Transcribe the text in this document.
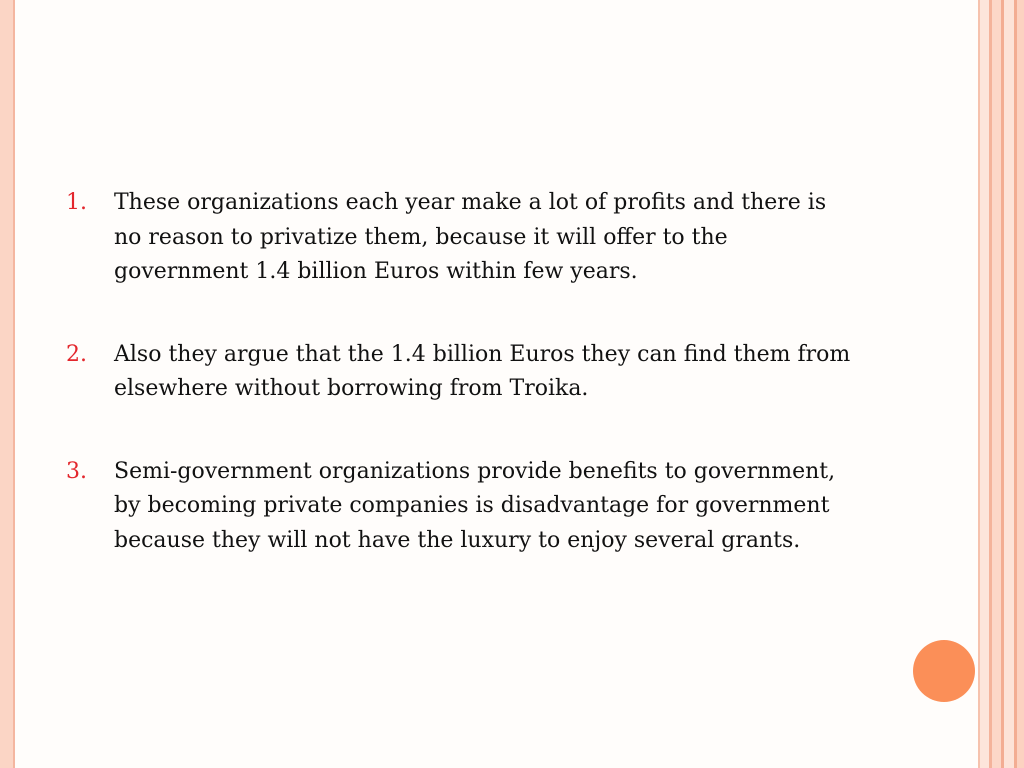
1. These organizations each year make a lot of profits and there is no reason to privatize them, because it will offer to the government 1.4 billion Euros within few years.
2. Also they argue that the 1.4 billion Euros they can find them from elsewhere without borrowing from Troika.
3. Semi-government organizations provide benefits to government, by becoming private companies is disadvantage for government because they will not have the luxury to enjoy several grants.
